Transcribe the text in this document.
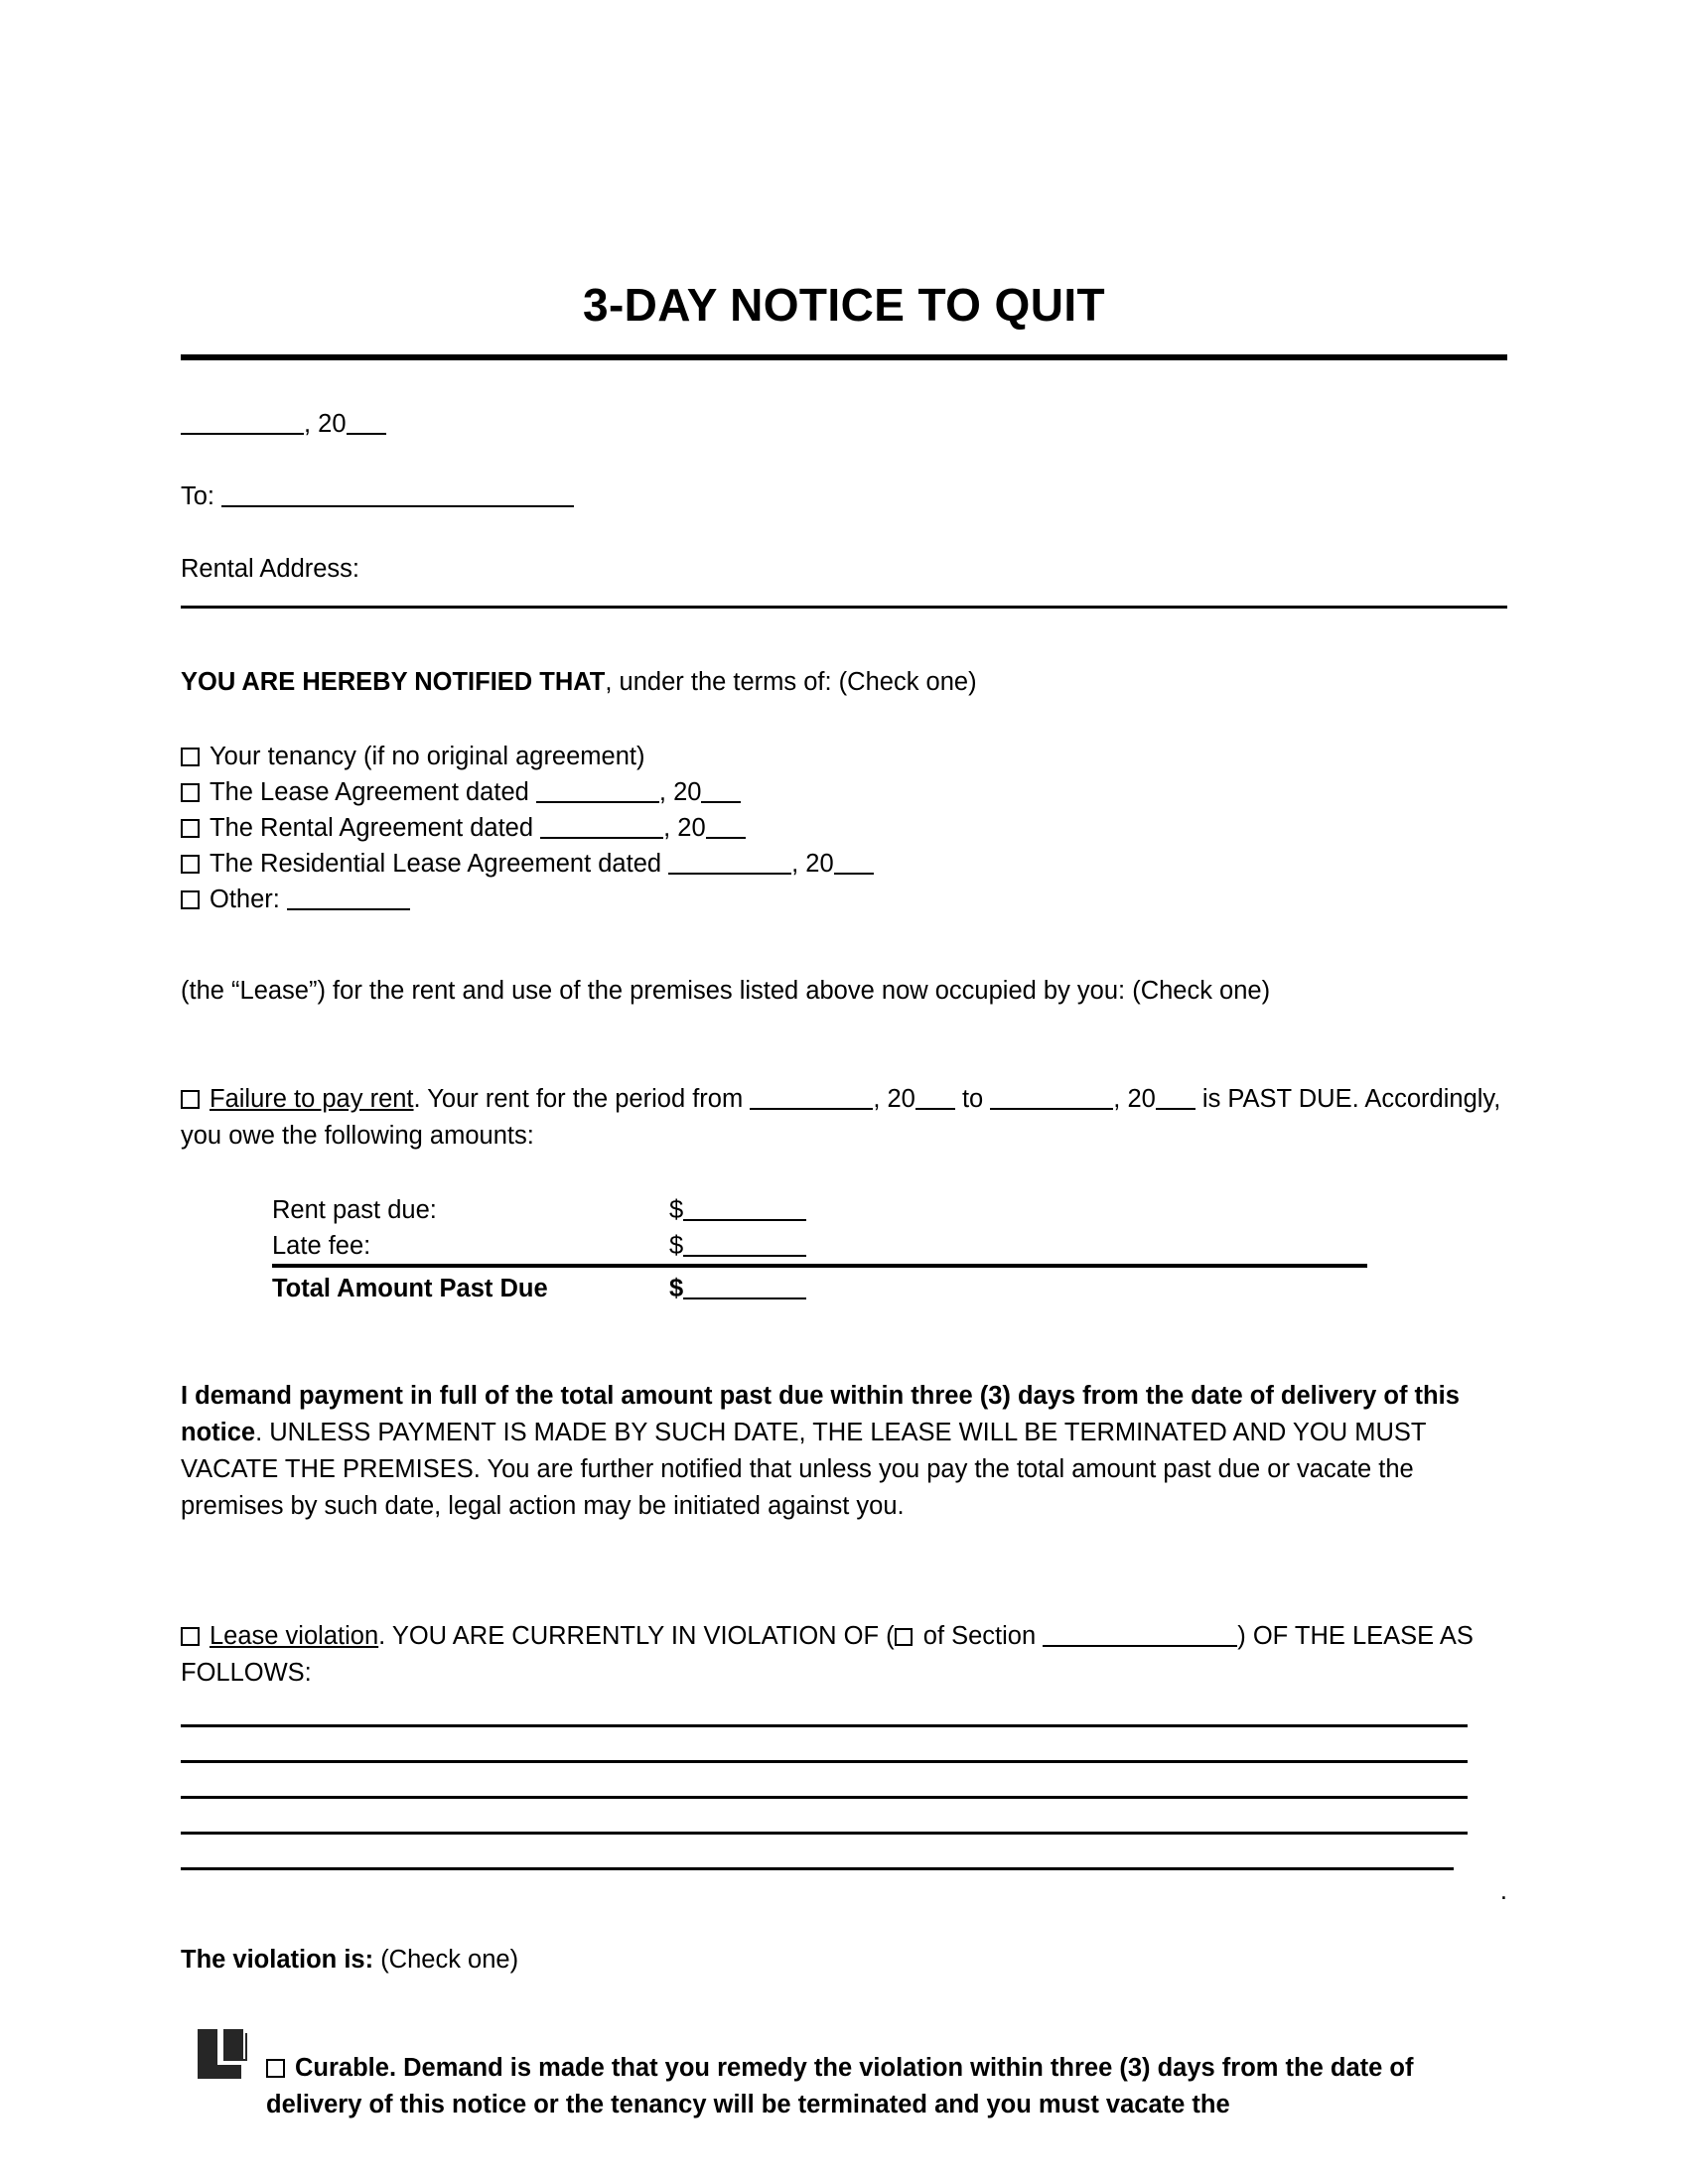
3-DAY NOTICE TO QUIT
, 20
To:
Rental Address:
YOU ARE HEREBY NOTIFIED THAT, under the terms of: (Check one)
Your tenancy (if no original agreement)
The Lease Agreement dated	, 20
The Rental Agreement dated	, 20
The Residential Lease Agreement dated	, 20
Other:
(the “Lease”) for the rent and use of the premises listed above now occupied by you: (Check one)
Failure to pay rent. Your rent for the period from	, 20 to	, 20 is PAST DUE. Accordingly, you owe the following amounts:
Rent past due:	$	
Late fee:	$	
Total Amount Past Due	$	
I demand payment in full of the total amount past due within three (3) days from the date of delivery of this notice. UNLESS PAYMENT IS MADE BY SUCH DATE, THE LEASE WILL BE TERMINATED AND YOU MUST VACATE THE PREMISES. You are further notified that unless you pay the total amount past due or vacate the premises by such date, legal action may be initiated against you.
Lease violation. YOU ARE CURRENTLY IN VIOLATION OF ( of Section	) OF THE LEASE AS FOLLOWS:
.
The violation is: (Check one)
Curable. Demand is made that you remedy the violation within three (3) days from the date of delivery of this notice or the tenancy will be terminated and you must vacate the
